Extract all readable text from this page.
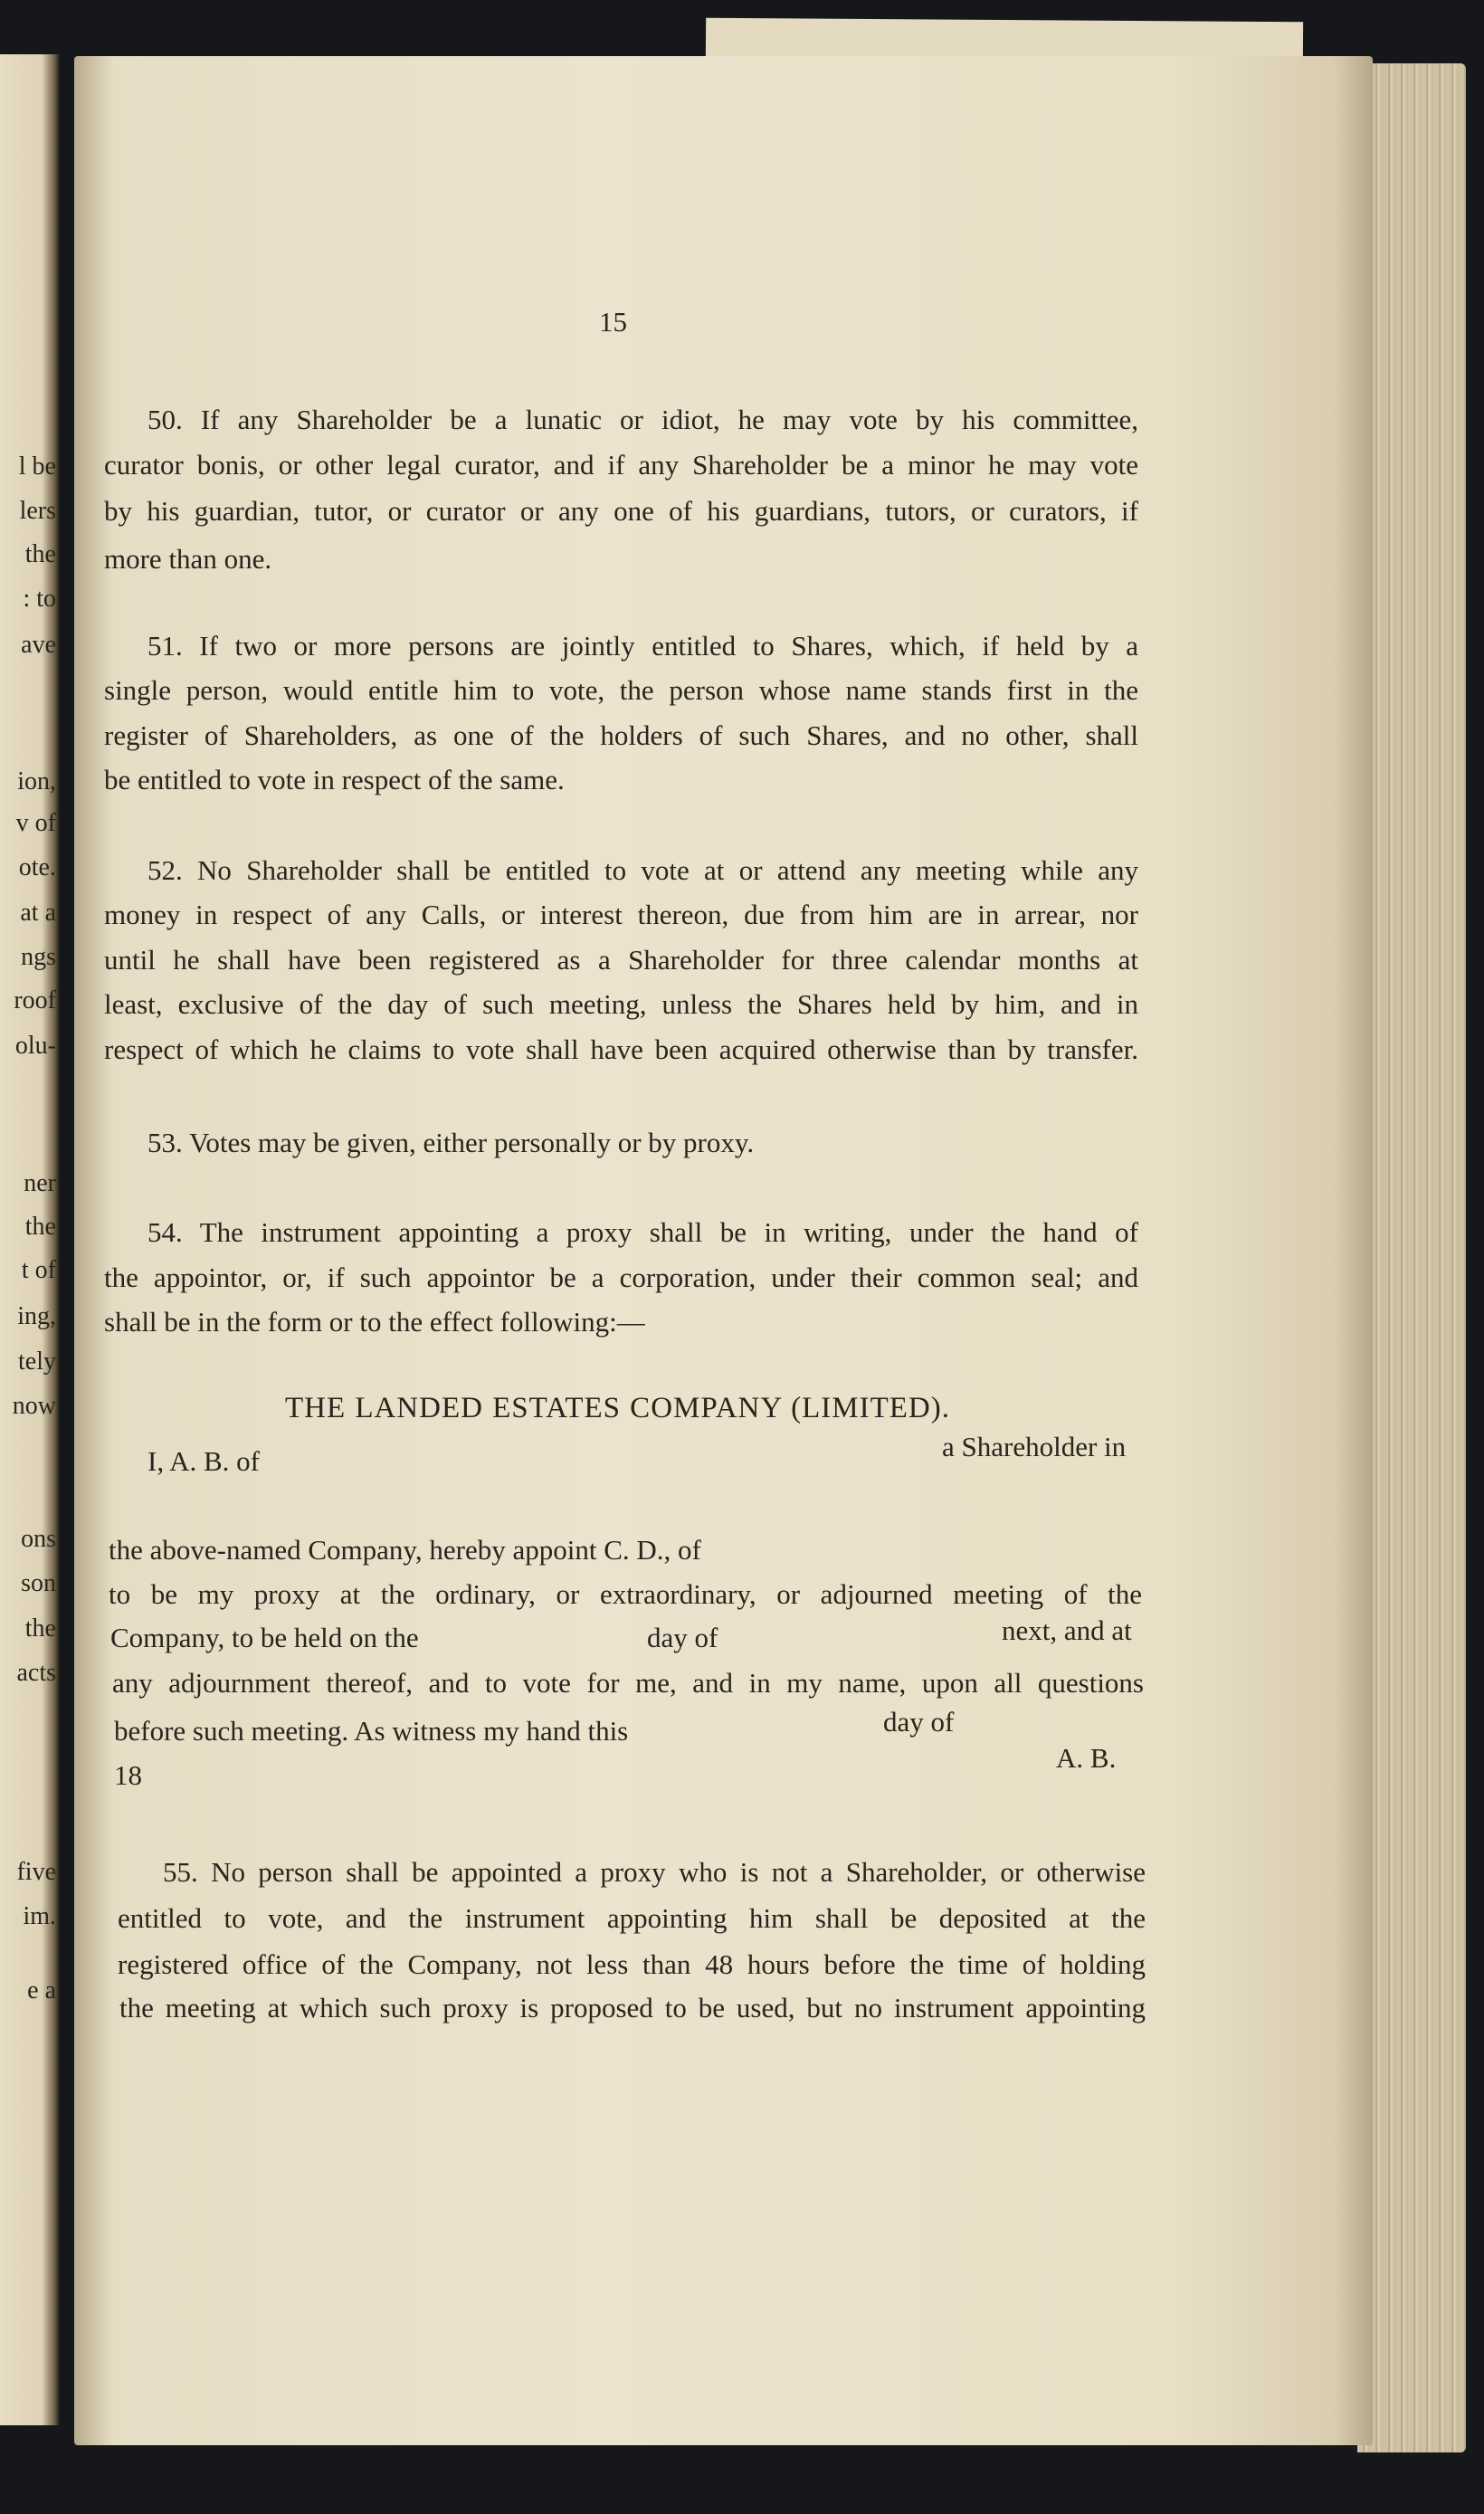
l be
lers
the
: to
ave
ion,
v of
ote.
at a
ngs
roof
olu-
ner
the
t of
ing,
tely
now
ons
son
the
acts
five
im.
e a
15
50. If any Shareholder be a lunatic or idiot, he may vote by his committee,
curator bonis, or other legal curator, and if any Shareholder be a minor he may vote
by his guardian, tutor, or curator or any one of his guardians, tutors, or curators, if
more than one.
51. If two or more persons are jointly entitled to Shares, which, if held by a
single person, would entitle him to vote, the person whose name stands first in the
register of Shareholders, as one of the holders of such Shares, and no other, shall
be entitled to vote in respect of the same.
52. No Shareholder shall be entitled to vote at or attend any meeting while any
money in respect of any Calls, or interest thereon, due from him are in arrear, nor
until he shall have been registered as a Shareholder for three calendar months at
least, exclusive of the day of such meeting, unless the Shares held by him, and in
respect of which he claims to vote shall have been acquired otherwise than by transfer.
53. Votes may be given, either personally or by proxy.
54. The instrument appointing a proxy shall be in writing, under the hand of
the appointor, or, if such appointor be a corporation, under their common seal; and
shall be in the form or to the effect following:—
THE LANDED ESTATES COMPANY (LIMITED).
I, A. B. of	a Shareholder in
the above-named Company, hereby appoint C. D., of
to be my proxy at the ordinary, or extraordinary, or adjourned meeting of the
Company, to be held on the	day of	next, and at
any adjournment thereof, and to vote for me, and in my name, upon all questions
before such meeting. As witness my hand this	day of
18
A. B.
55. No person shall be appointed a proxy who is not a Shareholder, or otherwise
entitled to vote, and the instrument appointing him shall be deposited at the
registered office of the Company, not less than 48 hours before the time of holding
the meeting at which such proxy is proposed to be used, but no instrument appointing
